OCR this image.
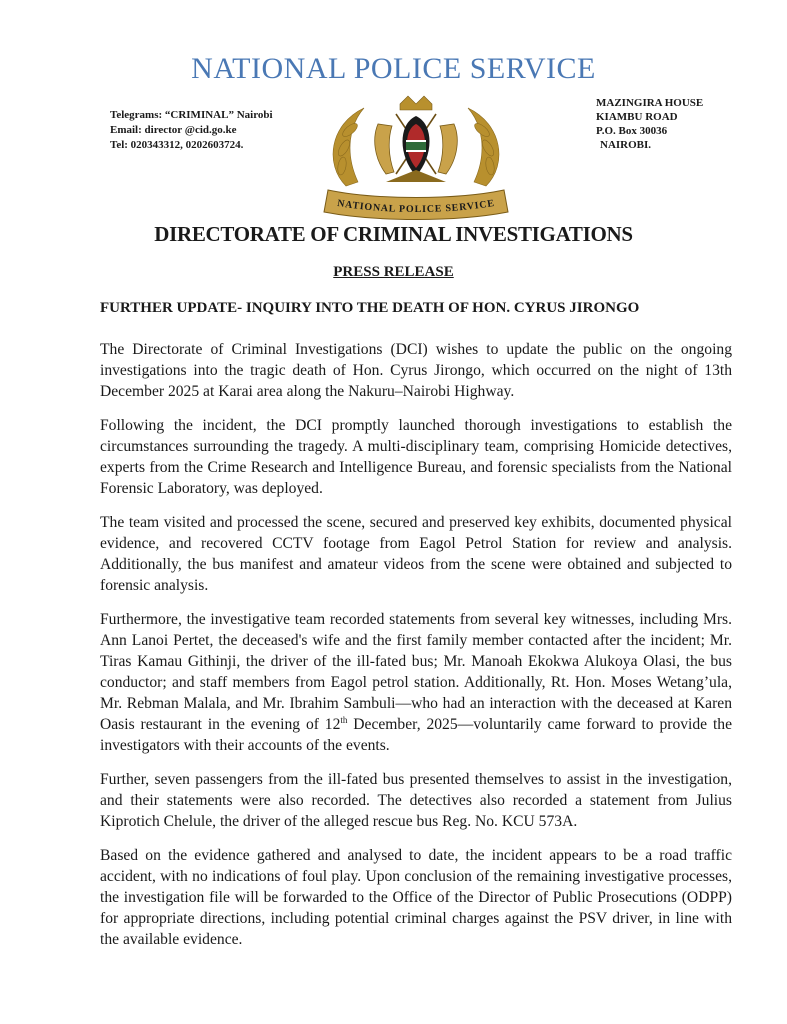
NATIONAL POLICE SERVICE
Telegrams: “CRIMINAL” Nairobi
Email: director @cid.go.ke
Tel: 020343312, 0202603724.
NATIONAL POLICE SERVICE
MAZINGIRA HOUSE
KIAMBU ROAD
P.O. Box 30036
NAIROBI.
DIRECTORATE OF CRIMINAL INVESTIGATIONS
PRESS RELEASE
FURTHER UPDATE- INQUIRY INTO THE DEATH OF HON. CYRUS JIRONGO

The Directorate of Criminal Investigations (DCI) wishes to update the public on the ongoing investigations into the tragic death of Hon. Cyrus Jirongo, which occurred on the night of 13th December 2025 at Karai area along the Nakuru–Nairobi Highway.

Following the incident, the DCI promptly launched thorough investigations to establish the circumstances surrounding the tragedy. A multi-disciplinary team, comprising Homicide detectives, experts from the Crime Research and Intelligence Bureau, and forensic specialists from the National Forensic Laboratory, was deployed.

The team visited and processed the scene, secured and preserved key exhibits, documented physical evidence, and recovered CCTV footage from Eagol Petrol Station for review and analysis. Additionally, the bus manifest and amateur videos from the scene were obtained and subjected to forensic analysis.

Furthermore, the investigative team recorded statements from several key witnesses, including Mrs. Ann Lanoi Pertet, the deceased's wife and the first family member contacted after the incident; Mr. Tiras Kamau Githinji, the driver of the ill-fated bus; Mr. Manoah Ekokwa Alukoya Olasi, the bus conductor; and staff members from Eagol petrol station. Additionally, Rt. Hon. Moses Wetang’ula, Mr. Rebman Malala, and Mr. Ibrahim Sambuli—who had an interaction with the deceased at Karen Oasis restaurant in the evening of 12th December, 2025—voluntarily came forward to provide the investigators with their accounts of the events.

Further, seven passengers from the ill-fated bus presented themselves to assist in the investigation, and their statements were also recorded. The detectives also recorded a statement from Julius Kiprotich Chelule, the driver of the alleged rescue bus Reg. No. KCU 573A.

Based on the evidence gathered and analysed to date, the incident appears to be a road traffic accident, with no indications of foul play. Upon conclusion of the remaining investigative processes, the investigation file will be forwarded to the Office of the Director of Public Prosecutions (ODPP) for appropriate directions, including potential criminal charges against the PSV driver, in line with the available evidence.
